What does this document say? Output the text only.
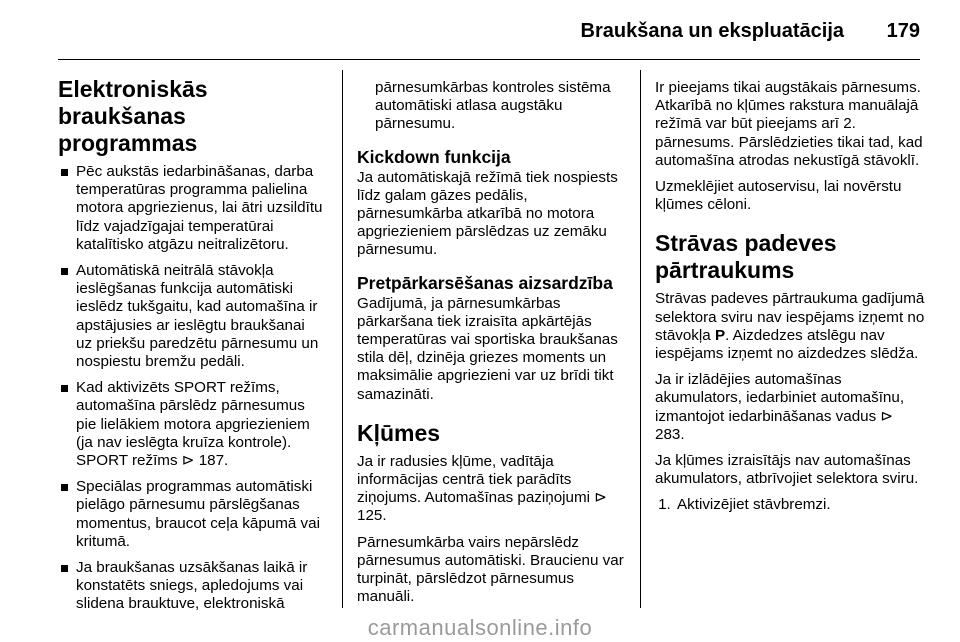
Braukšana un ekspluatācija 179
Elektroniskās braukšanas programmas
Pēc aukstās iedarbināšanas, darba temperatūras programma palielina motora apgriezienus, lai ātri uzsildītu līdz vajadzīgajai temperatūrai katalītisko atgāzu neitralizētoru.
Automātiskā neitrālā stāvokļa ieslēgšanas funkcija automātiski ieslēdz tukšgaitu, kad automašīna ir apstājusies ar ieslēgtu braukšanai uz priekšu paredzētu pārnesumu un nospiestu bremžu pedāli.
Kad aktivizēts SPORT režīms, automašīna pārslēdz pārnesumus pie lielākiem motora apgriezieniem (ja nav ieslēgta kruīza kontrole). SPORT režīms ⊳ 187.
Speciālas programmas automātiski pielāgo pārnesumu pārslēgšanas momentus, braucot ceļa kāpumā vai kritumā.
Ja braukšanas uzsākšanas laikā ir konstatēts sniegs, apledojums vai slidena brauktuve, elektroniskā

pārnesumkārbas kontroles sistēma automātiski atlasa augstāku pārnesumu.

Kickdown funkcija

Ja automātiskajā režīmā tiek nospiests līdz galam gāzes pedālis, pārnesumkārba atkarībā no motora apgriezieniem pārslēdzas uz zemāku pārnesumu.

Pretpārkarsēšanas aizsardzība

Gadījumā, ja pārnesumkārbas pārkaršana tiek izraisīta apkārtējās temperatūras vai sportiska braukšanas stila dēļ, dzinēja griezes moments un maksimālie apgriezieni var uz brīdi tikt samazināti.

Kļūmes

Ja ir radusies kļūme, vadītāja informācijas centrā tiek parādīts ziņojums. Automašīnas paziņojumi ⊳ 125.

Pārnesumkārba vairs nepārslēdz pārnesumus automātiski. Braucienu var turpināt, pārslēdzot pārnesumus manuāli.

Ir pieejams tikai augstākais pārnesums. Atkarībā no kļūmes rakstura manuālajā režīmā var būt pieejams arī 2. pārnesums. Pārslēdzieties tikai tad, kad automašīna atrodas nekustīgā stāvoklī.

Uzmeklējiet autoservisu, lai novērstu kļūmes cēloni.

Strāvas padeves pārtraukums

Strāvas padeves pārtraukuma gadījumā selektora sviru nav iespējams izņemt no stāvokļa P. Aizdedzes atslēgu nav iespējams izņemt no aizdedzes slēdža.

Ja ir izlādējies automašīnas akumulators, iedarbiniet automašīnu, izmantojot iedarbināšanas vadus ⊳ 283.

Ja kļūmes izraisītājs nav automašīnas akumulators, atbrīvojiet selektora sviru.

1. Aktivizējiet stāvbremzi.
carmanualsonline.info
